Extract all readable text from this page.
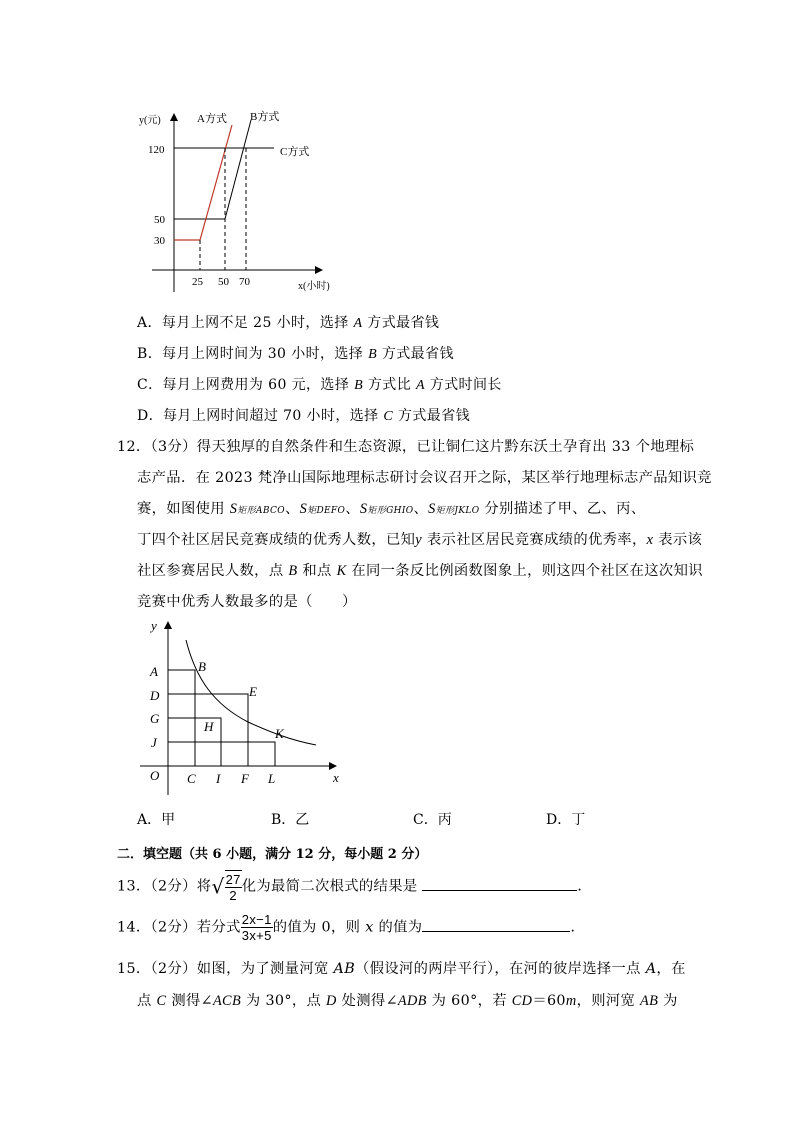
y(元)
x(小时)
120
50
30
25 50 70
A方式 B方式
C方式
A．每月上网不足 25 小时，选择 A 方式最省钱
B．每月上网时间为 30 小时，选择 B 方式最省钱
C．每月上网费用为 60 元，选择 B 方式比 A 方式时间长
D．每月上网时间超过 70 小时，选择 C 方式最省钱
12．（3分）得天独厚的自然条件和生态资源，已让铜仁这片黔东沃土孕育出 33 个地理标
志产品．在 2023 梵净山国际地理标志研讨会议召开之际，某区举行地理标志产品知识竞
赛，如图使用 S矩形ABCO、S矩DEFO、S矩形GHIO、S矩形JKLO 分别描述了甲、乙、丙、
丁四个社区居民竞赛成绩的优秀人数，已知y 表示社区居民竞赛成绩的优秀率，x 表示该
社区参赛居民人数，点 B 和点 K 在同一条反比例函数图象上，则这四个社区在这次知识
竞赛中优秀人数最多的是（　　）
y
x
O
A
D
G
J
C I F L
B
E
H	K
A．甲	B．乙	C．丙	D．丁
二．填空题（共 6 小题，满分 12 分，每小题 2 分）
13．（2分）将√ $\frac{27}{2}$ 化为最简二次根式的结果是	．
14．（2分）若分式 $\frac{2x-1}{3x+5}$ 的值为 0，则 x 的值为	．
15．（2分）如图，为了测量河宽 AB（假设河的两岸平行），在河的彼岸选择一点 A，在
点 C 测得∠ACB 为 30°，点 D 处测得∠ADB 为 60°，若 CD＝60m，则河宽 AB 为
